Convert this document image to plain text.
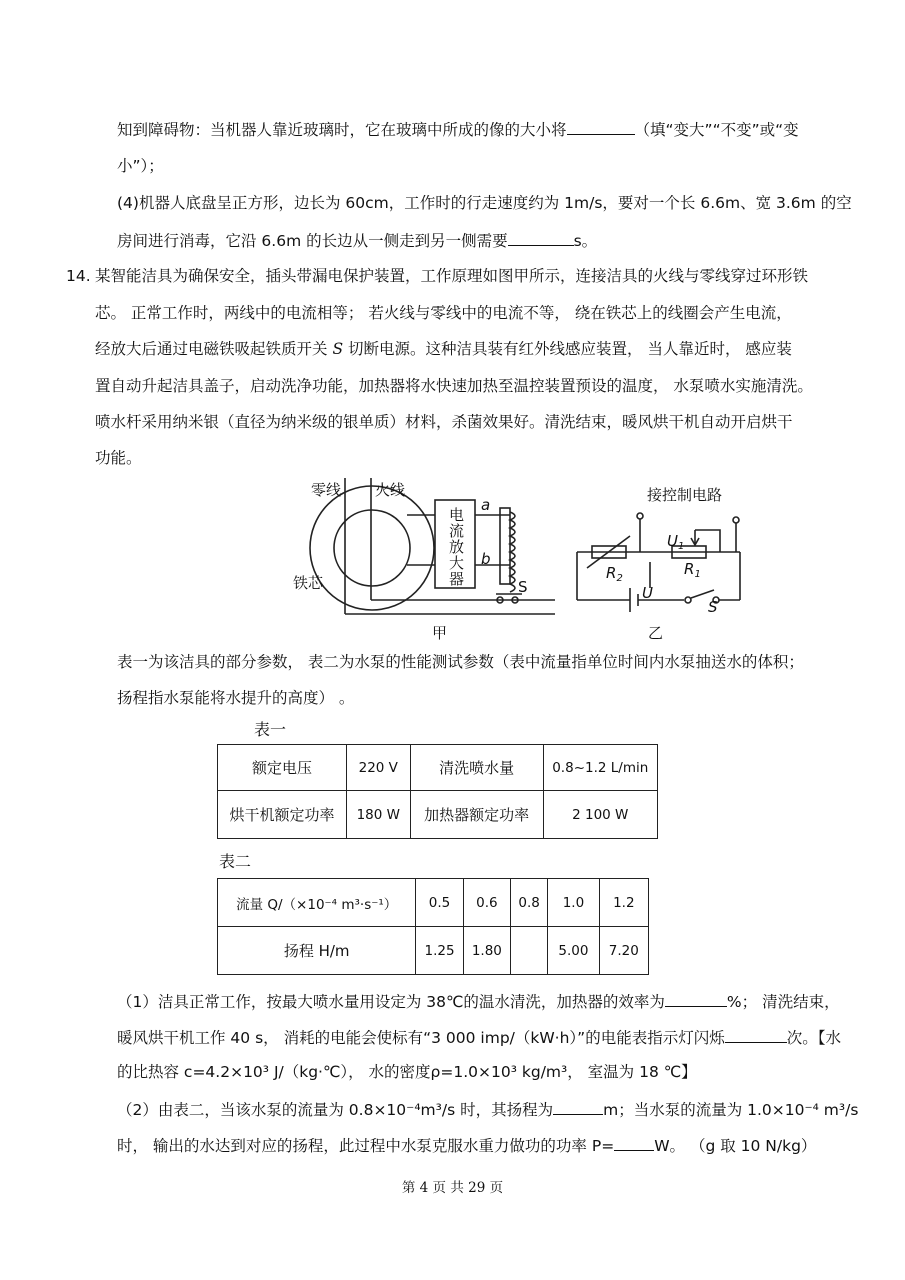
知到障碍物：当机器人靠近玻璃时，它在玻璃中所成的像的大小将	（填“变大”“不变”或“变
小”）；
(4)机器人底盘呈正方形，边长为 60cm，工作时的行走速度约为 1m/s，要对一个长 6.6m、宽 3.6m 的空
房间进行消毒，它沿 6.6m 的长边从一侧走到另一侧需要	s。
14. 某智能洁具为确保安全，插头带漏电保护装置，工作原理如图甲所示，连接洁具的火线与零线穿过环形铁
芯。 正常工作时，两线中的电流相等； 若火线与零线中的电流不等， 绕在铁芯上的线圈会产生电流，
经放大后通过电磁铁吸起铁质开关 S 切断电源。这种洁具装有红外线感应装置， 当人靠近时， 感应装
置自动升起洁具盖子，启动洗净功能，加热器将水快速加热至温控装置预设的温度， 水泵喷水实施清洗。
喷水杆采用纳米银（直径为纳米级的银单质）材料，杀菌效果好。清洗结束，暖风烘干机自动开启烘干
功能。
零线 火线
铁芯
电
流
放
大
器
a
b
S
甲
接控制电路
$U_1$
$R_1$
$R_2$
U
S
乙
表一为该洁具的部分参数， 表二为水泵的性能测试参数（表中流量指单位时间内水泵抽送水的体积；
扬程指水泵能将水提升的高度） 。
表一
额定电压	220 V	清洗喷水量	0.8~1.2 L/min
烘干机额定功率	180 W	加热器额定功率	2 100 W
表二
流量 Q/（×10⁻⁴ m³·s⁻¹）	0.5	0.6	0.8	1.0	1.2
扬程 H/m	1.25	1.80		5.00	7.20
（1）洁具正常工作，按最大喷水量用设定为 38℃的温水清洗，加热器的效率为	%； 清洗结束，
暖风烘干机工作 40 s， 消耗的电能会使标有“3 000 imp/（kW·h）”的电能表指示灯闪烁	次。【水
的比热容 c=4.2×10³ J/（kg·℃）， 水的密度ρ=1.0×10³ kg/m³， 室温为 18 ℃】
（2）由表二，当该水泵的流量为 0.8×10⁻⁴m³/s 时，其扬程为	m；当水泵的流量为 1.0×10⁻⁴ m³/s
时， 输出的水达到对应的扬程，此过程中水泵克服水重力做功的功率 P=	W。 （g 取 10 N/kg）
第 4 页 共 29 页
